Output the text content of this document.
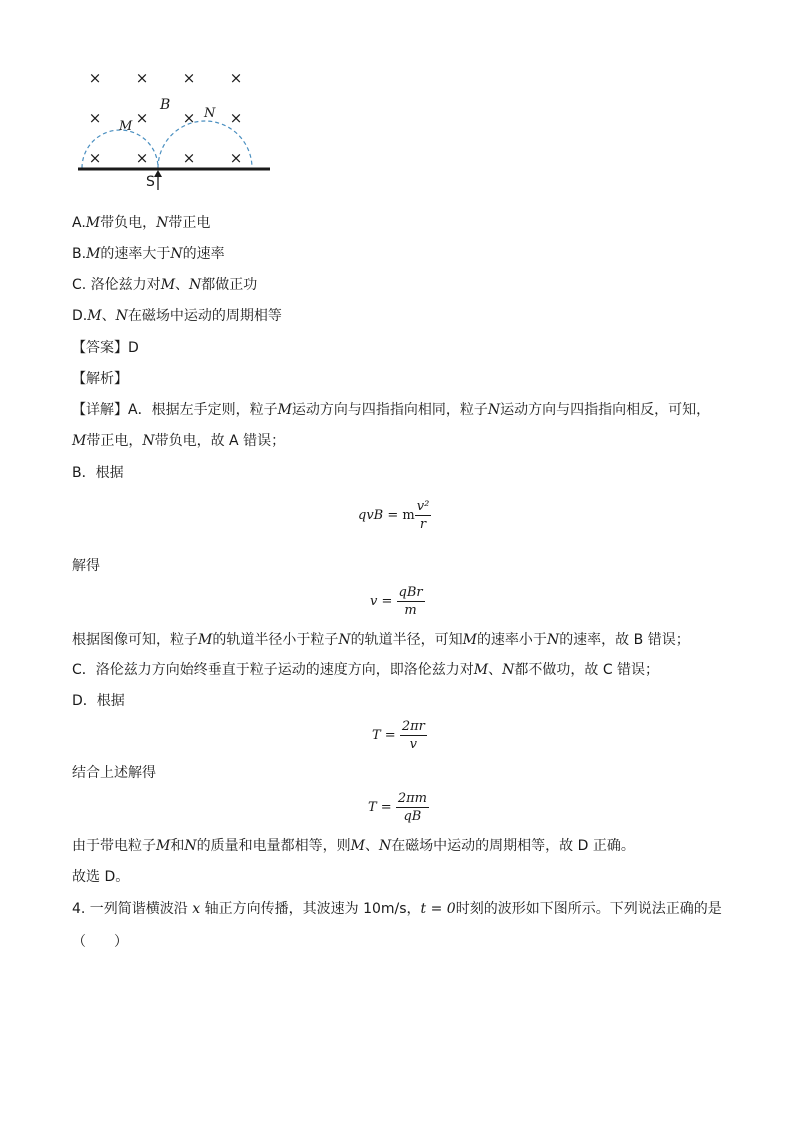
× × × ×
× × × ×
× × × ×
B
M
N
S
A.M带负电，N带正电
B.M的速率大于N的速率
C. 洛伦兹力对M、N都做正功
D.M、N在磁场中运动的周期相等
【答案】D
【解析】
【详解】A．根据左手定则，粒子M运动方向与四指指向相同，粒子N运动方向与四指指向相反，可知，
M带正电，N带负电，故 A 错误；
B．根据
qvB = m $\frac{\text{v²}}{r}$
解得
$v = \frac{\text{qBr}}{m}$
根据图像可知，粒子M的轨道半径小于粒子N的轨道半径，可知M的速率小于N的速率，故 B 错误；
C．洛伦兹力方向始终垂直于粒子运动的速度方向，即洛伦兹力对M、N都不做功，故 C 错误；
D．根据
$T = \frac{2\pi r}{v}$
结合上述解得
$T = \frac{2\pi m}{qB}$
由于带电粒子M和N的质量和电量都相等，则M、N在磁场中运动的周期相等，故 D 正确。
故选 D。
4. 一列简谐横波沿 x 轴正方向传播，其波速为 10m/s，t = 0时刻的波形如下图所示。下列说法正确的是
（　　）
